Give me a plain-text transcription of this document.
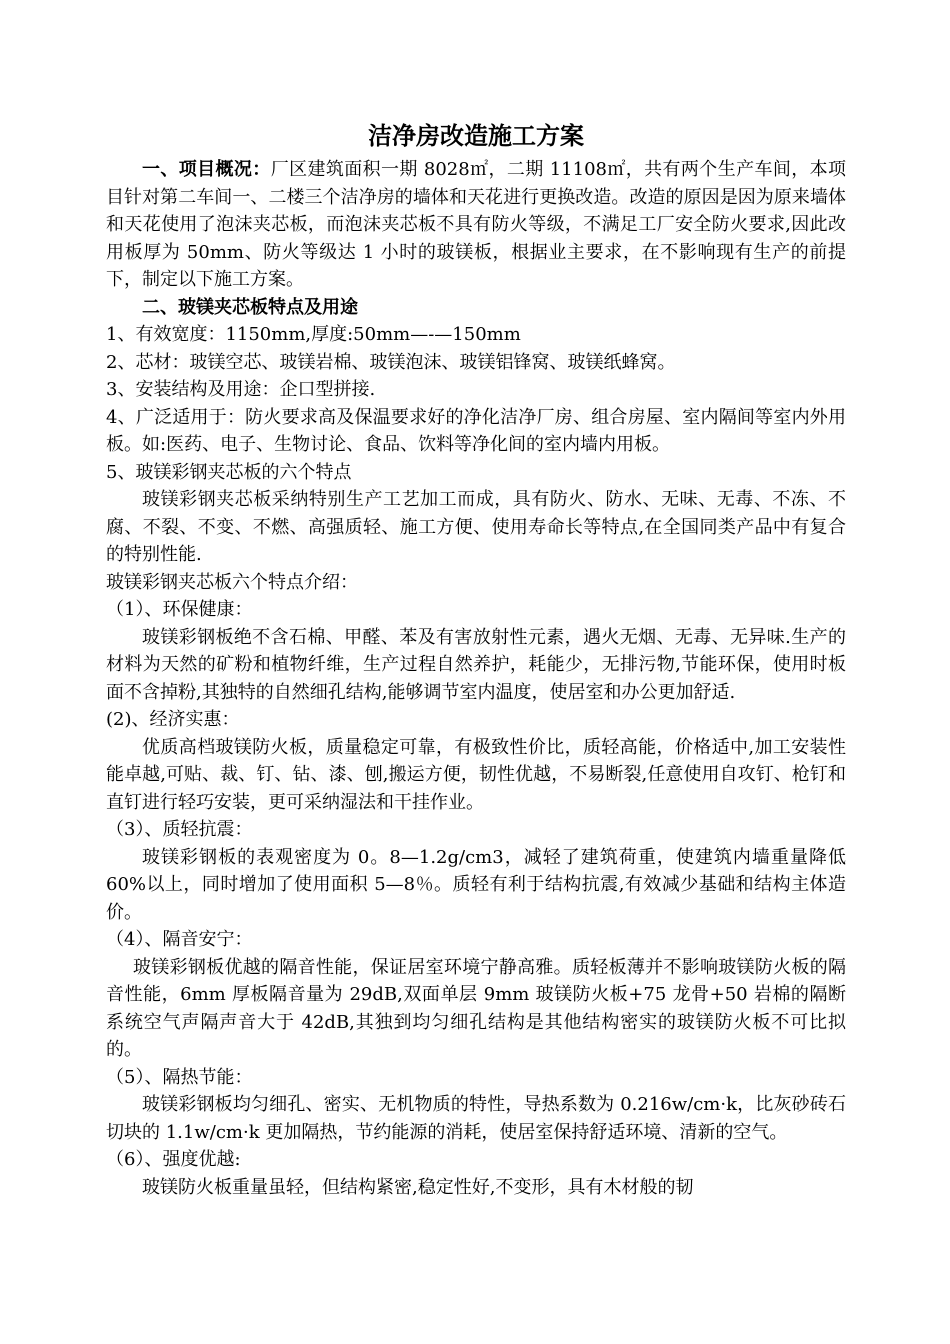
洁净房改造施工方案

一、项目概况：厂区建筑面积一期 8028㎡，二期 11108㎡，共有两个生产车间，本项目针对第二车间一、二楼三个洁净房的墙体和天花进行更换改造。改造的原因是因为原来墙体和天花使用了泡沫夹芯板，而泡沫夹芯板不具有防火等级，不满足工厂安全防火要求,因此改用板厚为 50mm、防火等级达 1 小时的玻镁板，根据业主要求，在不影响现有生产的前提下，制定以下施工方案。

二、玻镁夹芯板特点及用途

1、有效宽度：1150mm,厚度:50mm—-—150mm

2、芯材：玻镁空芯、玻镁岩棉、玻镁泡沫、玻镁铝锋窝、玻镁纸蜂窝。

3、安装结构及用途：企口型拼接.

4、广泛适用于：防火要求高及保温要求好的净化洁净厂房、组合房屋、室内隔间等室内外用板。如:医药、电子、生物讨论、食品、饮料等净化间的室内墙内用板。

5、玻镁彩钢夹芯板的六个特点

玻镁彩钢夹芯板采纳特别生产工艺加工而成，具有防火、防水、无味、无毒、不冻、不腐、不裂、不变、不燃、高强质轻、施工方便、使用寿命长等特点,在全国同类产品中有复合的特别性能.

玻镁彩钢夹芯板六个特点介绍：

（1）、环保健康：

玻镁彩钢板绝不含石棉、甲醛、苯及有害放射性元素，遇火无烟、无毒、无异味.生产的材料为天然的矿粉和植物纤维，生产过程自然养护，耗能少，无排污物,节能环保，使用时板面不含掉粉,其独特的自然细孔结构,能够调节室内温度，使居室和办公更加舒适.

(2)、经济实惠：

优质高档玻镁防火板，质量稳定可靠，有极致性价比，质轻高能，价格适中,加工安装性能卓越,可贴、裁、钉、钻、漆、刨,搬运方便，韧性优越，不易断裂,任意使用自攻钉、枪钉和直钉进行轻巧安装，更可采纳湿法和干挂作业。

（3）、质轻抗震：

玻镁彩钢板的表观密度为 0。8—1.2g/cm3，减轻了建筑荷重，使建筑内墙重量降低 60%以上，同时增加了使用面积 5—8％。质轻有利于结构抗震,有效减少基础和结构主体造价。

（4）、隔音安宁：

玻镁彩钢板优越的隔音性能，保证居室环境宁静高雅。质轻板薄并不影响玻镁防火板的隔音性能，6mm 厚板隔音量为 29dB,双面单层 9mm 玻镁防火板+75 龙骨+50 岩棉的隔断系统空气声隔声音大于 42dB,其独到均匀细孔结构是其他结构密实的玻镁防火板不可比拟的。

（5）、隔热节能：

玻镁彩钢板均匀细孔、密实、无机物质的特性，导热系数为 0.216w/cm·k，比灰砂砖石切块的 1.1w/cm·k 更加隔热，节约能源的消耗，使居室保持舒适环境、清新的空气。

（6）、强度优越:

玻镁防火板重量虽轻，但结构紧密,稳定性好,不变形，具有木材般的韧
